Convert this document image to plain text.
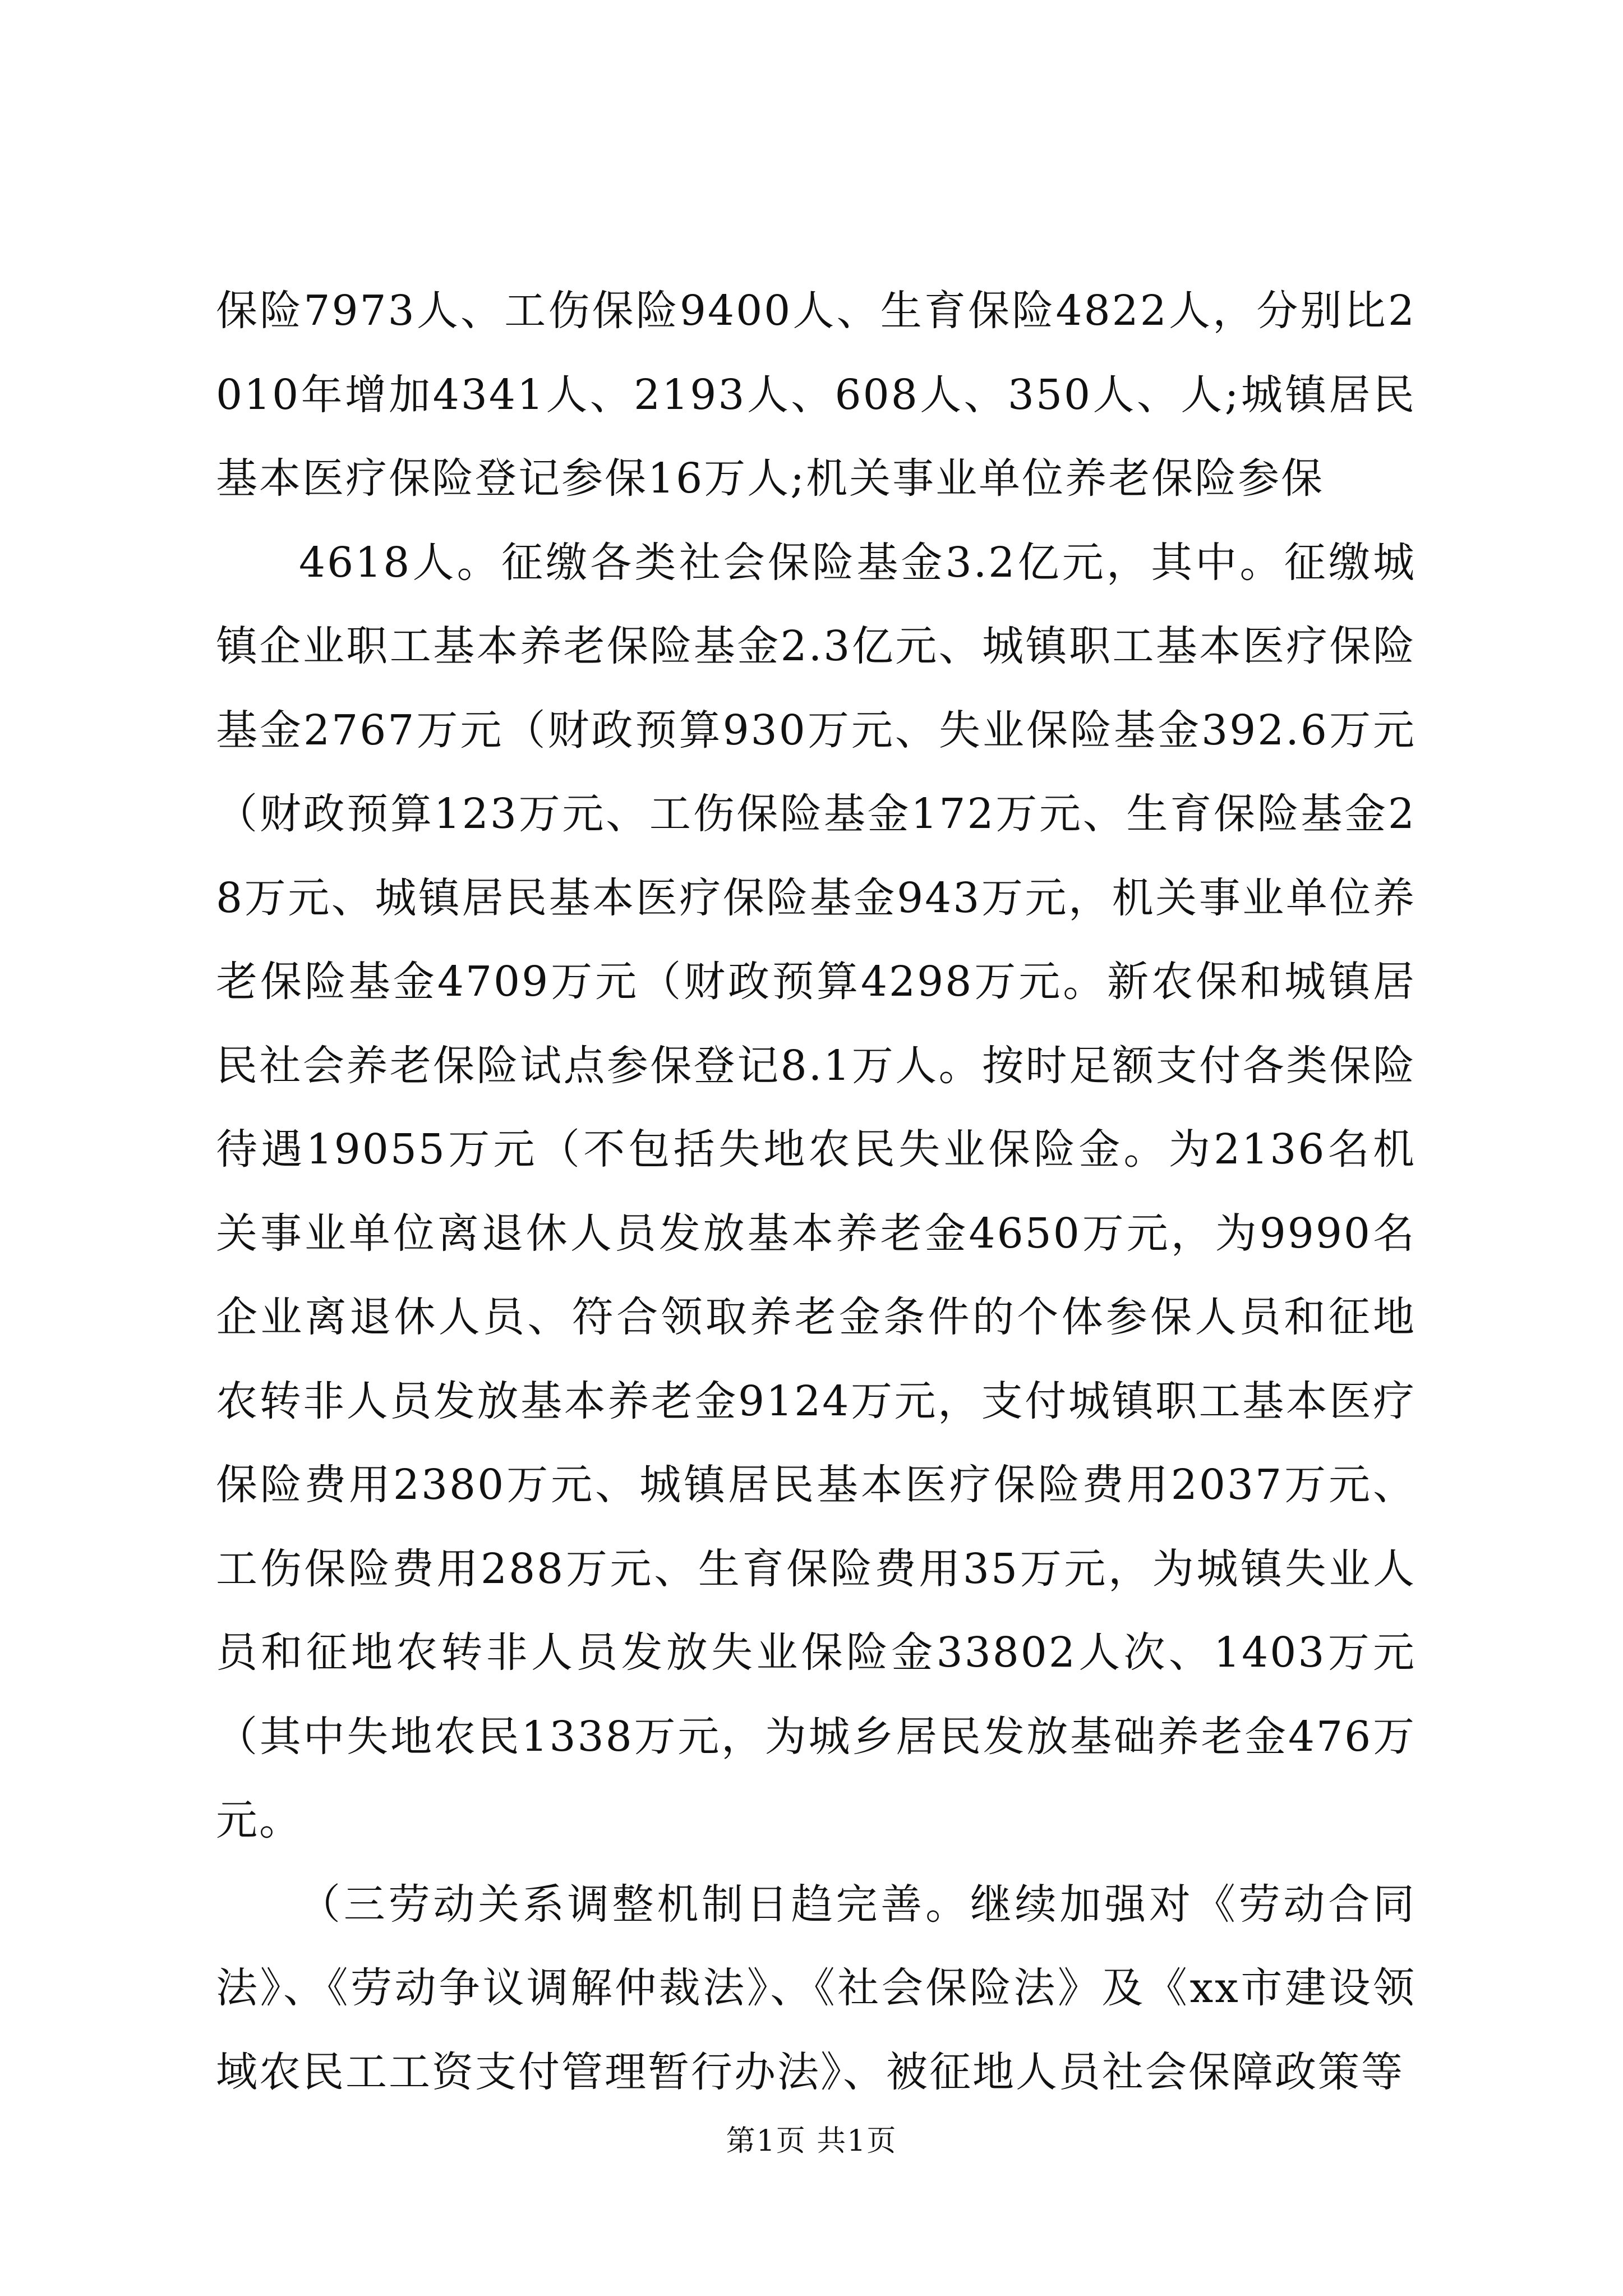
保险7973人、工伤保险9400人、生育保险4822人，分别比2010年增加4341人、2193人、608人、350人、人;城镇居民基本医疗保险登记参保16万人;机关事业单位养老保险参保

4618人。征缴各类社会保险基金3.2亿元，其中。征缴城镇企业职工基本养老保险基金2.3亿元、城镇职工基本医疗保险基金2767万元（财政预算930万元、失业保险基金392.6万元（财政预算123万元、工伤保险基金172万元、生育保险基金28万元、城镇居民基本医疗保险基金943万元，机关事业单位养老保险基金4709万元（财政预算4298万元。新农保和城镇居民社会养老保险试点参保登记8.1万人。按时足额支付各类保险待遇19055万元（不包括失地农民失业保险金。为2136名机关事业单位离退休人员发放基本养老金4650万元，为9990名企业离退休人员、符合领取养老金条件的个体参保人员和征地农转非人员发放基本养老金9124万元，支付城镇职工基本医疗保险费用2380万元、城镇居民基本医疗保险费用2037万元、工伤保险费用288万元、生育保险费用35万元，为城镇失业人员和征地农转非人员发放失业保险金33802人次、1403万元（其中失地农民1338万元，为城乡居民发放基础养老金476万元。

（三劳动关系调整机制日趋完善。继续加强对《劳动合同法》、《劳动争议调解仲裁法》、《社会保险法》及《xx市建设领域农民工工资支付管理暂行办法》、被征地人员社会保障政策等

第1页 共1页
